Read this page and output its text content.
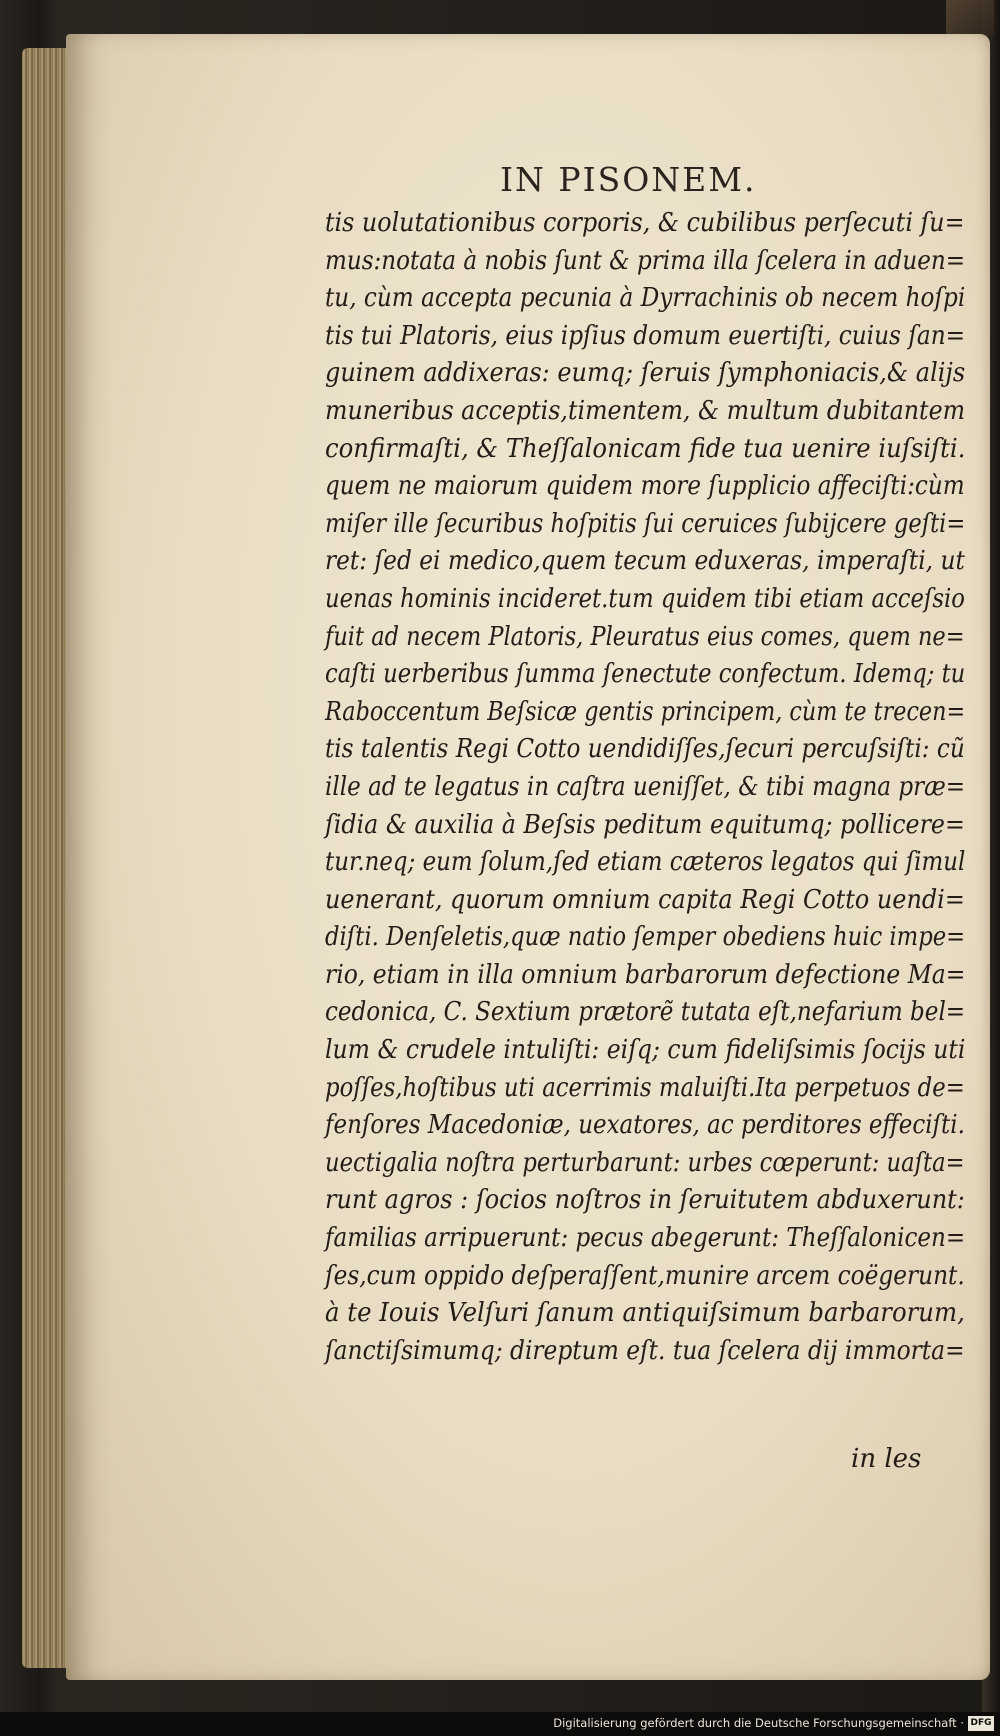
IN PISONEM.
tis uolutationibus corporis, & cubilibus perſecuti ſu=
mus:notata à nobis ſunt & prima illa ſcelera in aduen=
tu, cùm accepta pecunia à Dyrrachinis ob necem hoſpi
tis tui Platoris, eius ipſius domum euertiſti, cuius ſan=
guinem addixeras: eumq; ſeruis ſymphoniacis,& alijs
muneribus acceptis,timentem, & multum dubitantem
confirmaſti, & Theſſalonicam fide tua uenire iuſsiſti.
quem ne maiorum quidem more ſupplicio affeciſti:cùm
miſer ille ſecuribus hoſpitis ſui ceruices ſubijcere geſti=
ret: ſed ei medico,quem tecum eduxeras, imperaſti, ut
uenas hominis incideret.tum quidem tibi etiam acceſsio
fuit ad necem Platoris, Pleuratus eius comes, quem ne=
caſti uerberibus ſumma ſenectute confectum. Idemq; tu
Raboccentum Beſsicæ gentis principem, cùm te trecen=
tis talentis Regi Cotto uendidiſſes,ſecuri percuſsiſti: cũ
ille ad te legatus in caſtra ueniſſet, & tibi magna præ=
ſidia & auxilia à Beſsis peditum equitumq; pollicere=
tur.neq; eum ſolum,ſed etiam cæteros legatos qui ſimul
uenerant, quorum omnium capita Regi Cotto uendi=
diſti. Denſeletis,quæ natio ſemper obediens huic impe=
rio, etiam in illa omnium barbarorum defectione Ma=
cedonica, C. Sextium prætorẽ tutata eſt,nefarium bel=
lum & crudele intuliſti: eiſq; cum fideliſsimis ſocijs uti
poſſes,hoſtibus uti acerrimis maluiſti.Ita perpetuos de=
fenſores Macedoniæ, uexatores, ac perditores effeciſti.
uectigalia noſtra perturbarunt: urbes cœperunt: uaſta=
runt agros : ſocios noſtros in ſeruitutem abduxerunt:
familias arripuerunt: pecus abegerunt: Theſſalonicen=
ſes,cum oppido deſperaſſent,munire arcem coëgerunt.
à te Iouis Velſuri ſanum antiquiſsimum barbarorum,
ſanctiſsimumq; direptum eſt. tua ſcelera dij immorta=
in les
Digitalisierung gefördert durch die Deutsche Forschungsgemeinschaft · DFG
